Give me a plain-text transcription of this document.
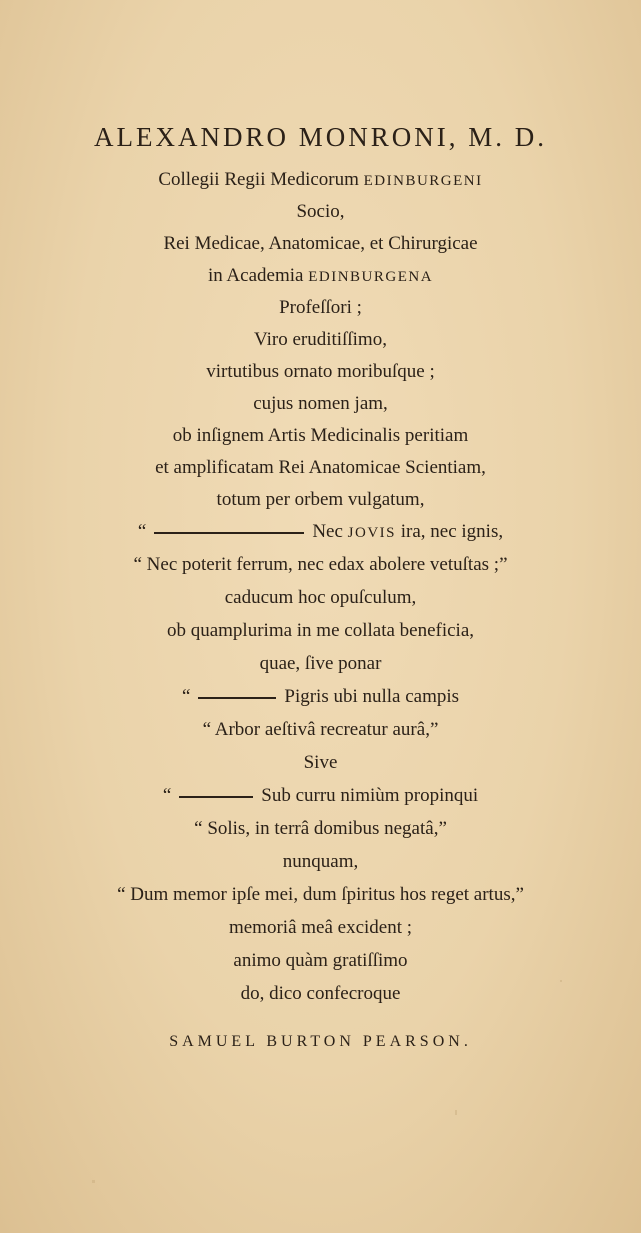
ALEXANDRO MONRONI, M. D.
Collegii Regii Medicorum EDINBURGENI
Socio,
Rei Medicae, Anatomicae, et Chirurgicae
in Academia EDINBURGENA
Profeſſori ;
Viro eruditiſſimo,
virtutibus ornato moribuſque ;
cujus nomen jam,
ob inſignem Artis Medicinalis peritiam
et amplificatam Rei Anatomicae Scientiam,
totum per orbem vulgatum,
“	Nec JOVIS ira, nec ignis,
“ Nec poterit ferrum, nec edax abolere vetuſtas ;”
caducum hoc opuſculum,
ob quamplurima in me collata beneficia,
quae, ſive ponar
“	Pigris ubi nulla campis
“ Arbor aeſtivâ recreatur aurâ,”
Sive
“	Sub curru nimiùm propinqui
“ Solis, in terrâ domibus negatâ,”
nunquam,
“ Dum memor ipſe mei, dum ſpiritus hos reget artus,”
memoriâ meâ excident ;
animo quàm gratiſſimo
do, dico confecroque
SAMUEL BURTON PEARSON.
